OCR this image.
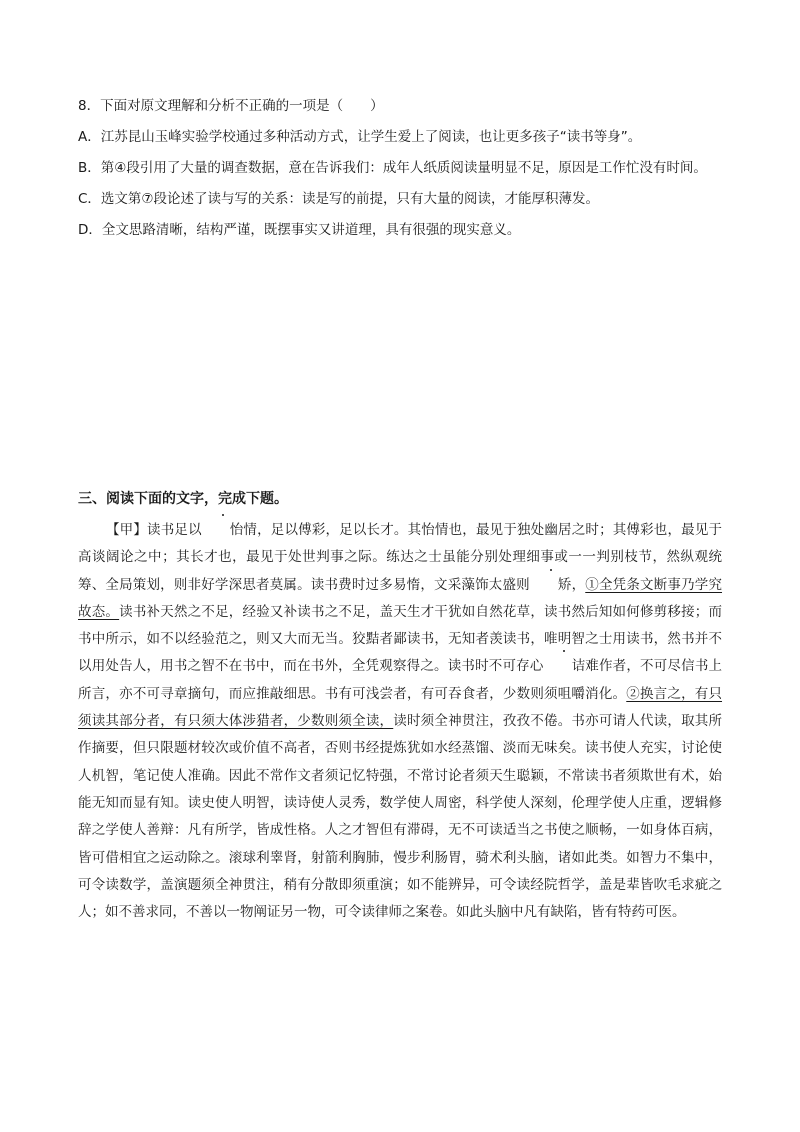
8．下面对原文理解和分析不正确的一项是（　　）

A．江苏昆山玉峰实验学校通过多种活动方式，让学生爱上了阅读，也让更多孩子“读书等身”。

B．第④段引用了大量的调查数据，意在告诉我们：成年人纸质阅读量明显不足，原因是工作忙没有时间。

C．选文第⑦段论述了读与写的关系：读是写的前提，只有大量的阅读，才能厚积薄发。

D．全文思路清晰，结构严谨，既摆事实又讲道理，具有很强的现实意义。

三、阅读下面的文字，完成下题。

【甲】读书足以 怡情，足以傅彩，足以长才。其怡情也，最见于独处幽居之时；其傅彩也，最见于高谈阔论之中；其长才也，最见于处世判事之际。练达之士虽能分别处理细事或一一判别枝节，然纵观统筹、全局策划，则非好学深思者莫属。读书费时过多易惰，文采藻饰太盛则 矫，①全凭条文断事乃学究故态。读书补天然之不足，经验又补读书之不足，盖天生才干犹如自然花草，读书然后知如何修剪移接；而书中所示，如不以经验范之，则又大而无当。狡黠者鄙读书，无知者羡读书，唯明智之士用读书，然书并不以用处告人，用书之智不在书中，而在书外，全凭观察得之。读书时不可存心 诘难作者，不可尽信书上所言，亦不可寻章摘句，而应推敲细思。书有可浅尝者，有可吞食者，少数则须咀嚼消化。②换言之，有只须读其部分者，有只须大体涉猎者，少数则须全读，读时须全神贯注，孜孜不倦。书亦可请人代读，取其所作摘要，但只限题材较次或价值不高者，否则书经提炼犹如水经蒸馏、淡而无味矣。读书使人充实，讨论使人机智，笔记使人准确。因此不常作文者须记忆特强，不常讨论者须天生聪颖，不常读书者须欺世有术，始能无知而显有知。读史使人明智，读诗使人灵秀，数学使人周密，科学使人深刻，伦理学使人庄重，逻辑修辞之学使人善辩：凡有所学，皆成性格。人之才智但有滞碍，无不可读适当之书使之顺畅，一如身体百病，皆可借相宜之运动除之。滚球利睾肾，射箭利胸肺，慢步利肠胃，骑术利头脑，诸如此类。如智力不集中，可令读数学，盖演题须全神贯注，稍有分散即须重演；如不能辨异，可令读经院哲学，盖是辈皆吹毛求疵之人；如不善求同，不善以一物阐证另一物，可令读律师之案卷。如此头脑中凡有缺陷，皆有特药可医。
